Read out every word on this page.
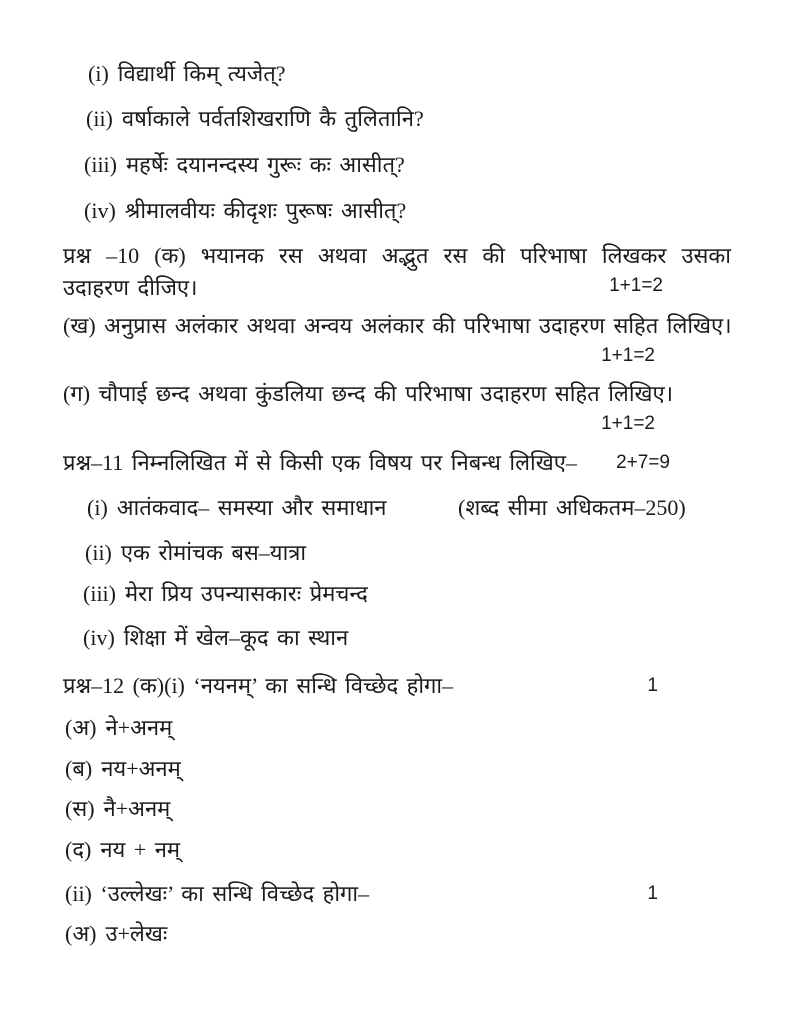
(i) विद्यार्थी किम् त्यजेत्?
(ii) वर्षाकाले पर्वतशिखराणि कै तुलितानि?
(iii) महर्षेः दयानन्दस्य गुरूः कः आसीत्?
(iv) श्रीमालवीयः कीदृशः पुरूषः आसीत्?
प्रश्न –10 (क) भयानक रस अथवा अद्भुत रस की परिभाषा लिखकर उसका
उदाहरण दीजिए।	1+1=2
(ख) अनुप्रास अलंकार अथवा अन्वय अलंकार की परिभाषा उदाहरण सहित लिखिए।
1+1=2
(ग) चौपाई छन्द अथवा कुंडलिया छन्द की परिभाषा उदाहरण सहित लिखिए।
1+1=2
प्रश्न–11 निम्नलिखित में से किसी एक विषय पर निबन्ध लिखिए– 2+7=9
(i) आतंकवाद– समस्या और समाधान	(शब्द सीमा अधिकतम–250)
(ii) एक रोमांचक बस–यात्रा
(iii) मेरा प्रिय उपन्यासकारः प्रेमचन्द
(iv) शिक्षा में खेल–कूद का स्थान
प्रश्न–12 (क)(i) ‘नयनम्’ का सन्धि विच्छेद होगा–	1
(अ) ने+अनम्
(ब) नय+अनम्
(स) नै+अनम्
(द) नय + नम्
(ii) ‘उल्लेखः’ का सन्धि विच्छेद होगा–	1
(अ) उ+लेखः
